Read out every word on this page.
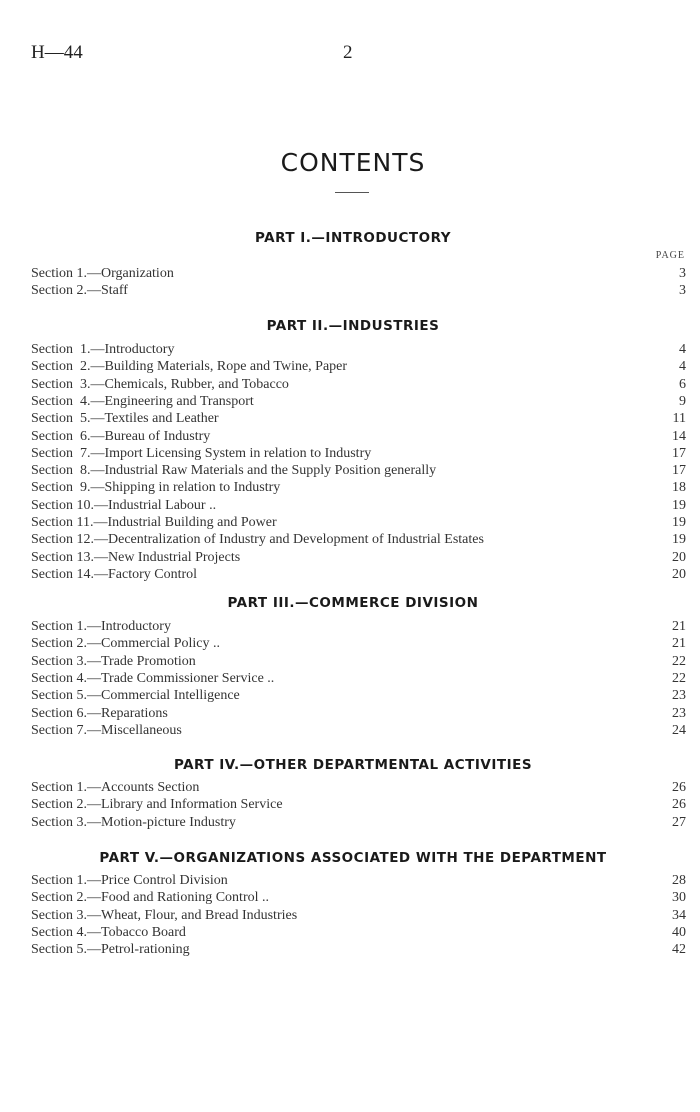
H—44	2
CONTENTS
PAGE
PART I.—INTRODUCTORY
Section 1.—Organization	3
Section 2.—Staff	3
PART II.—INDUSTRIES
Section  1.—Introductory	4
Section  2.—Building Materials, Rope and Twine, Paper	4
Section  3.—Chemicals, Rubber, and Tobacco	6
Section  4.—Engineering and Transport	9
Section  5.—Textiles and Leather	11
Section  6.—Bureau of Industry	14
Section  7.—Import Licensing System in relation to Industry	17
Section  8.—Industrial Raw Materials and the Supply Position generally	17
Section  9.—Shipping in relation to Industry	18
Section 10.—Industrial Labour ..	19
Section 11.—Industrial Building and Power	19
Section 12.—Decentralization of Industry and Development of Industrial Estates	19
Section 13.—New Industrial Projects	20
Section 14.—Factory Control	20
PART III.—COMMERCE DIVISION
Section 1.—Introductory	21
Section 2.—Commercial Policy ..	21
Section 3.—Trade Promotion	22
Section 4.—Trade Commissioner Service ..	22
Section 5.—Commercial Intelligence	23
Section 6.—Reparations	23
Section 7.—Miscellaneous	24
PART IV.—OTHER DEPARTMENTAL ACTIVITIES
Section 1.—Accounts Section	26
Section 2.—Library and Information Service	26
Section 3.—Motion-picture Industry	27
PART V.—ORGANIZATIONS ASSOCIATED WITH THE DEPARTMENT
Section 1.—Price Control Division	28
Section 2.—Food and Rationing Control ..	30
Section 3.—Wheat, Flour, and Bread Industries	34
Section 4.—Tobacco Board	40
Section 5.—Petrol-rationing	42
